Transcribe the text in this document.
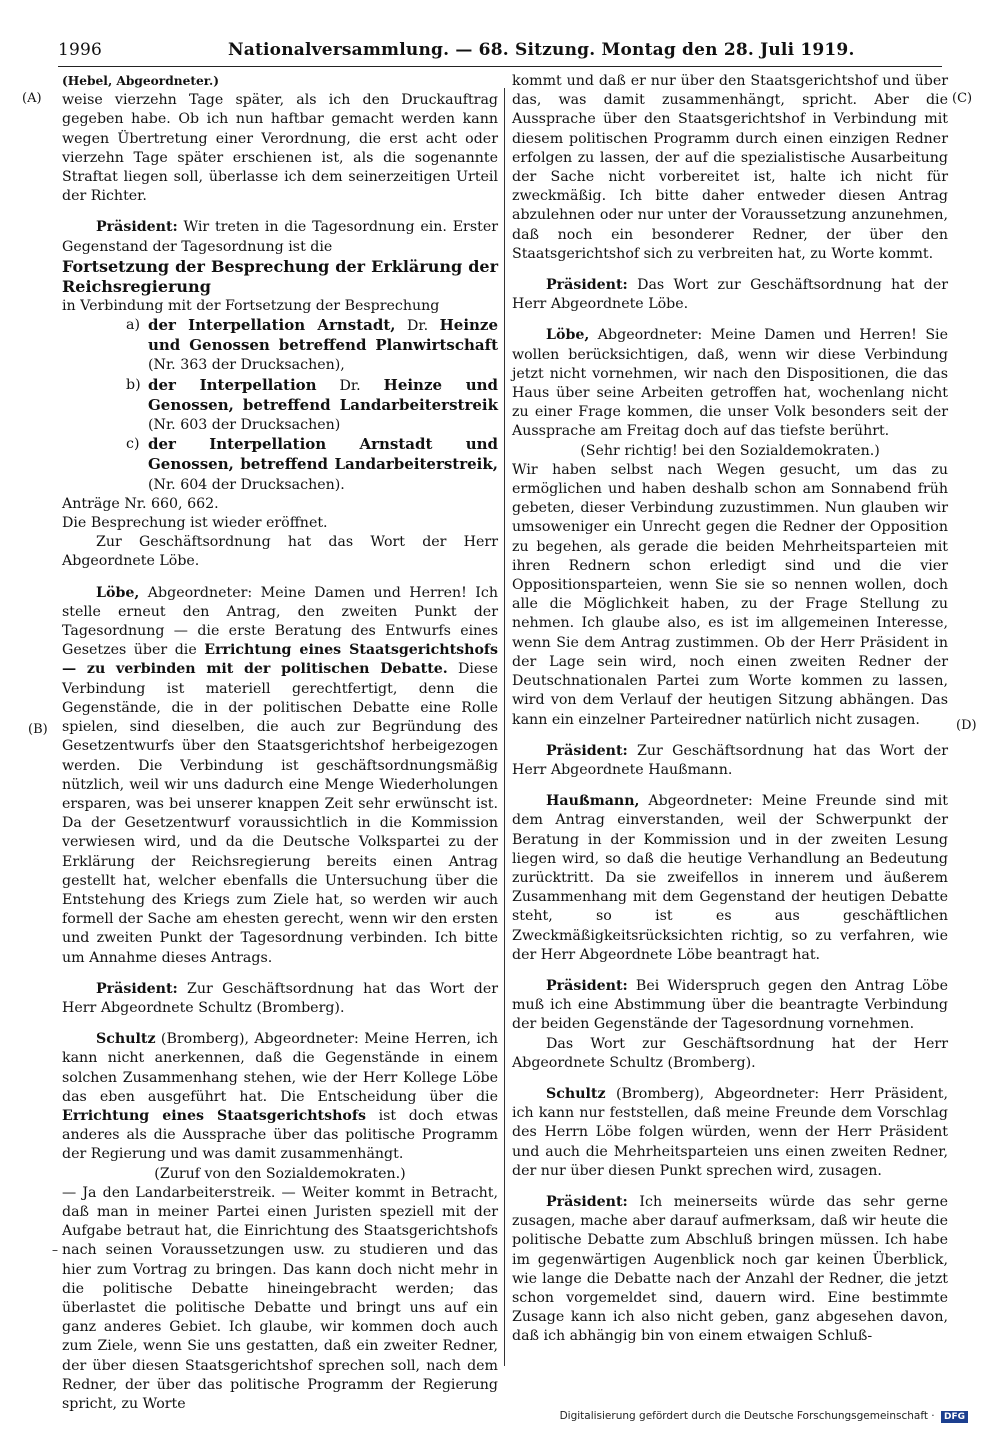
1996	Nationalversammlung. — 68. Sitzung. Montag den 28. Juli 1919.
(A)
(B)
(C)
(D)
–

(Hebel, Abgeordneter.)

weise vierzehn Tage später, als ich den Druckauftrag gegeben habe. Ob ich nun haftbar gemacht werden kann wegen Übertretung einer Verordnung, die erst acht oder vierzehn Tage später erschienen ist, als die sogenannte Straftat liegen soll, überlasse ich dem seinerzeitigen Urteil der Richter.

Präsident: Wir treten in die Tagesordnung ein. Erster Gegenstand der Tagesordnung ist die

Fortsetzung der Besprechung der Erklärung der Reichsregierung

in Verbindung mit der Fortsetzung der Besprechung

a) der Interpellation Arnstadt, Dr. Heinze und Genossen betreffend Planwirtschaft (Nr. 363 der Drucksachen),

b) der Interpellation Dr. Heinze und Genossen, betreffend Landarbeiterstreik (Nr. 603 der Drucksachen)

c) der Interpellation Arnstadt und Genossen, betreffend Landarbeiterstreik, (Nr. 604 der Drucksachen).

Anträge Nr. 660, 662.

Die Besprechung ist wieder eröffnet.

Zur Geschäftsordnung hat das Wort der Herr Abgeordnete Löbe.

Löbe, Abgeordneter: Meine Damen und Herren! Ich stelle erneut den Antrag, den zweiten Punkt der Tagesordnung — die erste Beratung des Entwurfs eines Gesetzes über die Errichtung eines Staatsgerichtshofs — zu verbinden mit der politischen Debatte. Diese Verbindung ist materiell gerechtfertigt, denn die Gegenstände, die in der politischen Debatte eine Rolle spielen, sind dieselben, die auch zur Begründung des Gesetzentwurfs über den Staatsgerichtshof herbeigezogen werden. Die Verbindung ist geschäftsordnungsmäßig nützlich, weil wir uns dadurch eine Menge Wiederholungen ersparen, was bei unserer knappen Zeit sehr erwünscht ist. Da der Gesetzentwurf voraussichtlich in die Kommission verwiesen wird, und da die Deutsche Volkspartei zu der Erklärung der Reichsregierung bereits einen Antrag gestellt hat, welcher ebenfalls die Untersuchung über die Entstehung des Kriegs zum Ziele hat, so werden wir auch formell der Sache am ehesten gerecht, wenn wir den ersten und zweiten Punkt der Tagesordnung verbinden. Ich bitte um Annahme dieses Antrags.

Präsident: Zur Geschäftsordnung hat das Wort der Herr Abgeordnete Schultz (Bromberg).

Schultz (Bromberg), Abgeordneter: Meine Herren, ich kann nicht anerkennen, daß die Gegenstände in einem solchen Zusammenhang stehen, wie der Herr Kollege Löbe das eben ausgeführt hat. Die Entscheidung über die Errichtung eines Staatsgerichtshofs ist doch etwas anderes als die Aussprache über das politische Programm der Regierung und was damit zusammenhängt.

(Zuruf von den Sozialdemokraten.)

— Ja den Landarbeiterstreik. — Weiter kommt in Betracht, daß man in meiner Partei einen Juristen speziell mit der Aufgabe betraut hat, die Einrichtung des Staatsgerichtshofs nach seinen Voraussetzungen usw. zu studieren und das hier zum Vortrag zu bringen. Das kann doch nicht mehr in die politische Debatte hineingebracht werden; das überlastet die politische Debatte und bringt uns auf ein ganz anderes Gebiet. Ich glaube, wir kommen doch auch zum Ziele, wenn Sie uns gestatten, daß ein zweiter Redner, der über diesen Staatsgerichtshof sprechen soll, nach dem Redner, der über das politische Programm der Regierung spricht, zu Worte

kommt und daß er nur über den Staatsgerichtshof und über das, was damit zusammenhängt, spricht. Aber die Aussprache über den Staatsgerichtshof in Verbindung mit diesem politischen Programm durch einen einzigen Redner erfolgen zu lassen, der auf die spezialistische Ausarbeitung der Sache nicht vorbereitet ist, halte ich nicht für zweckmäßig. Ich bitte daher entweder diesen Antrag abzulehnen oder nur unter der Voraussetzung anzunehmen, daß noch ein besonderer Redner, der über den Staatsgerichtshof sich zu verbreiten hat, zu Worte kommt.

Präsident: Das Wort zur Geschäftsordnung hat der Herr Abgeordnete Löbe.

Löbe, Abgeordneter: Meine Damen und Herren! Sie wollen berücksichtigen, daß, wenn wir diese Verbindung jetzt nicht vornehmen, wir nach den Dispositionen, die das Haus über seine Arbeiten getroffen hat, wochenlang nicht zu einer Frage kommen, die unser Volk besonders seit der Aussprache am Freitag doch auf das tiefste berührt.

(Sehr richtig! bei den Sozialdemokraten.)

Wir haben selbst nach Wegen gesucht, um das zu ermöglichen und haben deshalb schon am Sonnabend früh gebeten, dieser Verbindung zuzustimmen. Nun glauben wir umsoweniger ein Unrecht gegen die Redner der Opposition zu begehen, als gerade die beiden Mehrheitsparteien mit ihren Rednern schon erledigt sind und die vier Oppositionsparteien, wenn Sie sie so nennen wollen, doch alle die Möglichkeit haben, zu der Frage Stellung zu nehmen. Ich glaube also, es ist im allgemeinen Interesse, wenn Sie dem Antrag zustimmen. Ob der Herr Präsident in der Lage sein wird, noch einen zweiten Redner der Deutschnationalen Partei zum Worte kommen zu lassen, wird von dem Verlauf der heutigen Sitzung abhängen. Das kann ein einzelner Parteiredner natürlich nicht zusagen.

Präsident: Zur Geschäftsordnung hat das Wort der Herr Abgeordnete Haußmann.

Haußmann, Abgeordneter: Meine Freunde sind mit dem Antrag einverstanden, weil der Schwerpunkt der Beratung in der Kommission und in der zweiten Lesung liegen wird, so daß die heutige Verhandlung an Bedeutung zurücktritt. Da sie zweifellos in innerem und äußerem Zusammenhang mit dem Gegenstand der heutigen Debatte steht, so ist es aus geschäftlichen Zweckmäßigkeitsrücksichten richtig, so zu verfahren, wie der Herr Abgeordnete Löbe beantragt hat.

Präsident: Bei Widerspruch gegen den Antrag Löbe muß ich eine Abstimmung über die beantragte Verbindung der beiden Gegenstände der Tagesordnung vornehmen.

Das Wort zur Geschäftsordnung hat der Herr Abgeordnete Schultz (Bromberg).

Schultz (Bromberg), Abgeordneter: Herr Präsident, ich kann nur feststellen, daß meine Freunde dem Vorschlag des Herrn Löbe folgen würden, wenn der Herr Präsident und auch die Mehrheitsparteien uns einen zweiten Redner, der nur über diesen Punkt sprechen wird, zusagen.

Präsident: Ich meinerseits würde das sehr gerne zusagen, mache aber darauf aufmerksam, daß wir heute die politische Debatte zum Abschluß bringen müssen. Ich habe im gegenwärtigen Augenblick noch gar keinen Überblick, wie lange die Debatte nach der Anzahl der Redner, die jetzt schon vorgemeldet sind, dauern wird. Eine bestimmte Zusage kann ich also nicht geben, ganz abgesehen davon, daß ich abhängig bin von einem etwaigen Schluß-

Digitalisierung gefördert durch die Deutsche Forschungsgemeinschaft · DFG
